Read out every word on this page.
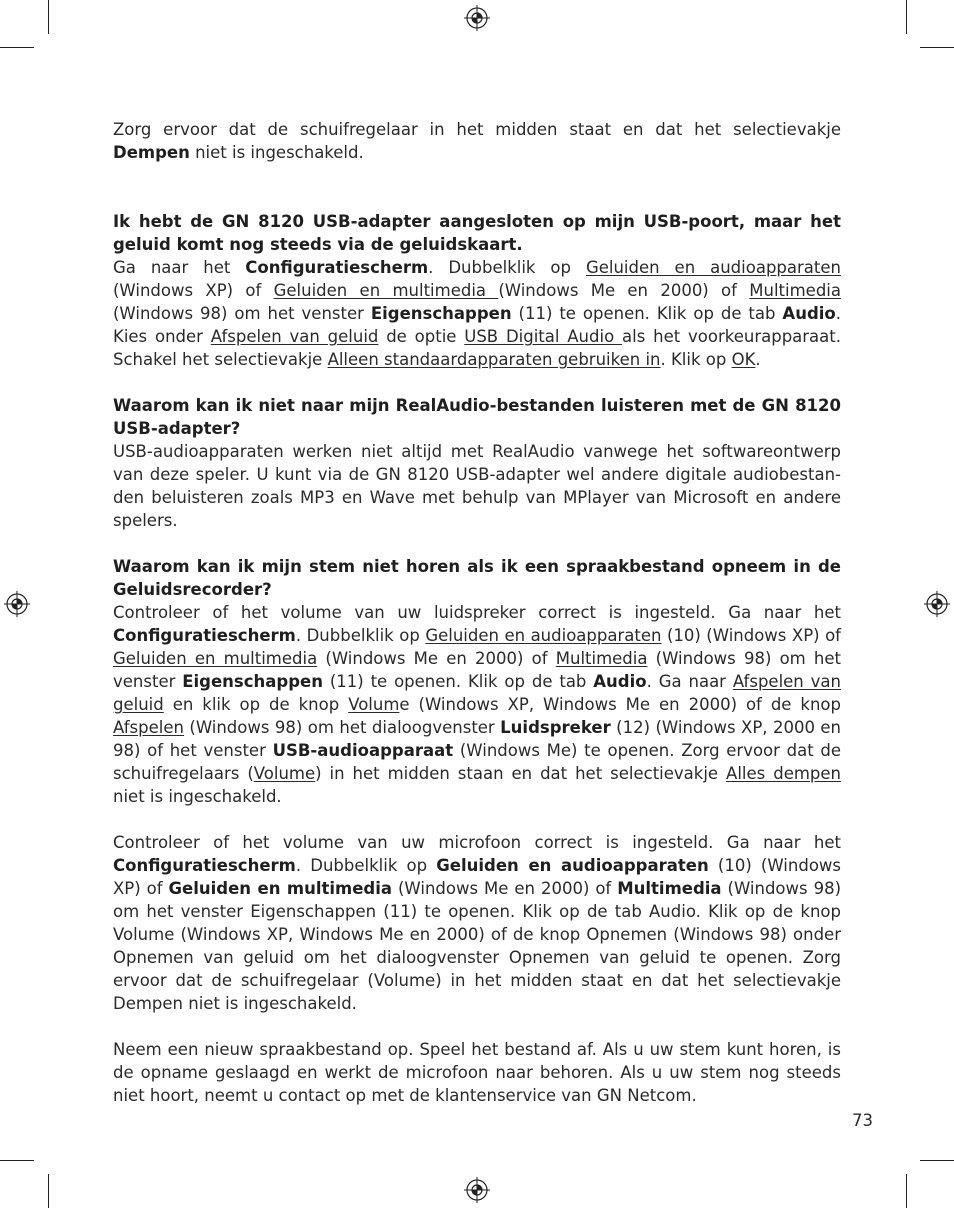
Zorg ervoor dat de schuifregelaar in het midden staat en dat het selectievakje Dempen niet is ingeschakeld.

Ik hebt de GN 8120 USB-adapter aangesloten op mijn USB-poort, maar het geluid komt nog steeds via de geluidskaart.

Ga naar het Configuratiescherm. Dubbelklik op Geluiden en audioapparaten (Windows XP) of Geluiden en multimedia (Windows Me en 2000) of Multimedia (Windows 98) om het venster Eigenschappen (11) te openen. Klik op de tab Audio. Kies onder Afspelen van geluid de optie USB Digital Audio als het voorkeurapparaat. Schakel het selectievakje Alleen standaardapparaten gebruiken in. Klik op OK.

Waarom kan ik niet naar mijn RealAudio-bestanden luisteren met de GN 8120 USB-adapter?

USB-audioapparaten werken niet altijd met RealAudio vanwege het softwareontwerp van deze speler. U kunt via de GN 8120 USB-adapter wel andere digitale audiobestan-den beluisteren zoals MP3 en Wave met behulp van MPlayer van Microsoft en andere spelers.

Waarom kan ik mijn stem niet horen als ik een spraakbestand opneem in de Geluidsrecorder?

Controleer of het volume van uw luidspreker correct is ingesteld. Ga naar het Configuratiescherm. Dubbelklik op Geluiden en audioapparaten (10) (Windows XP) of Geluiden en multimedia (Windows Me en 2000) of Multimedia (Windows 98) om het venster Eigenschappen (11) te openen. Klik op de tab Audio. Ga naar Afspelen van geluid en klik op de knop Volume (Windows XP, Windows Me en 2000) of de knop Afspelen (Windows 98) om het dialoogvenster Luidspreker (12) (Windows XP, 2000 en 98) of het venster USB-audioapparaat (Windows Me) te openen. Zorg ervoor dat de schuifregelaars (Volume) in het midden staan en dat het selectievakje Alles dempen niet is ingeschakeld.

Controleer of het volume van uw microfoon correct is ingesteld. Ga naar het Configuratiescherm. Dubbelklik op Geluiden en audioapparaten (10) (Windows XP) of Geluiden en multimedia (Windows Me en 2000) of Multimedia (Windows 98) om het venster Eigenschappen (11) te openen. Klik op de tab Audio. Klik op de knop Volume (Windows XP, Windows Me en 2000) of de knop Opnemen (Windows 98) onder Opnemen van geluid om het dialoogvenster Opnemen van geluid te openen. Zorg ervoor dat de schuifregelaar (Volume) in het midden staat en dat het selectievakje Dempen niet is ingeschakeld.

Neem een nieuw spraakbestand op. Speel het bestand af. Als u uw stem kunt horen, is de opname geslaagd en werkt de microfoon naar behoren. Als u uw stem nog steeds niet hoort, neemt u contact op met de klantenservice van GN Netcom.

73
